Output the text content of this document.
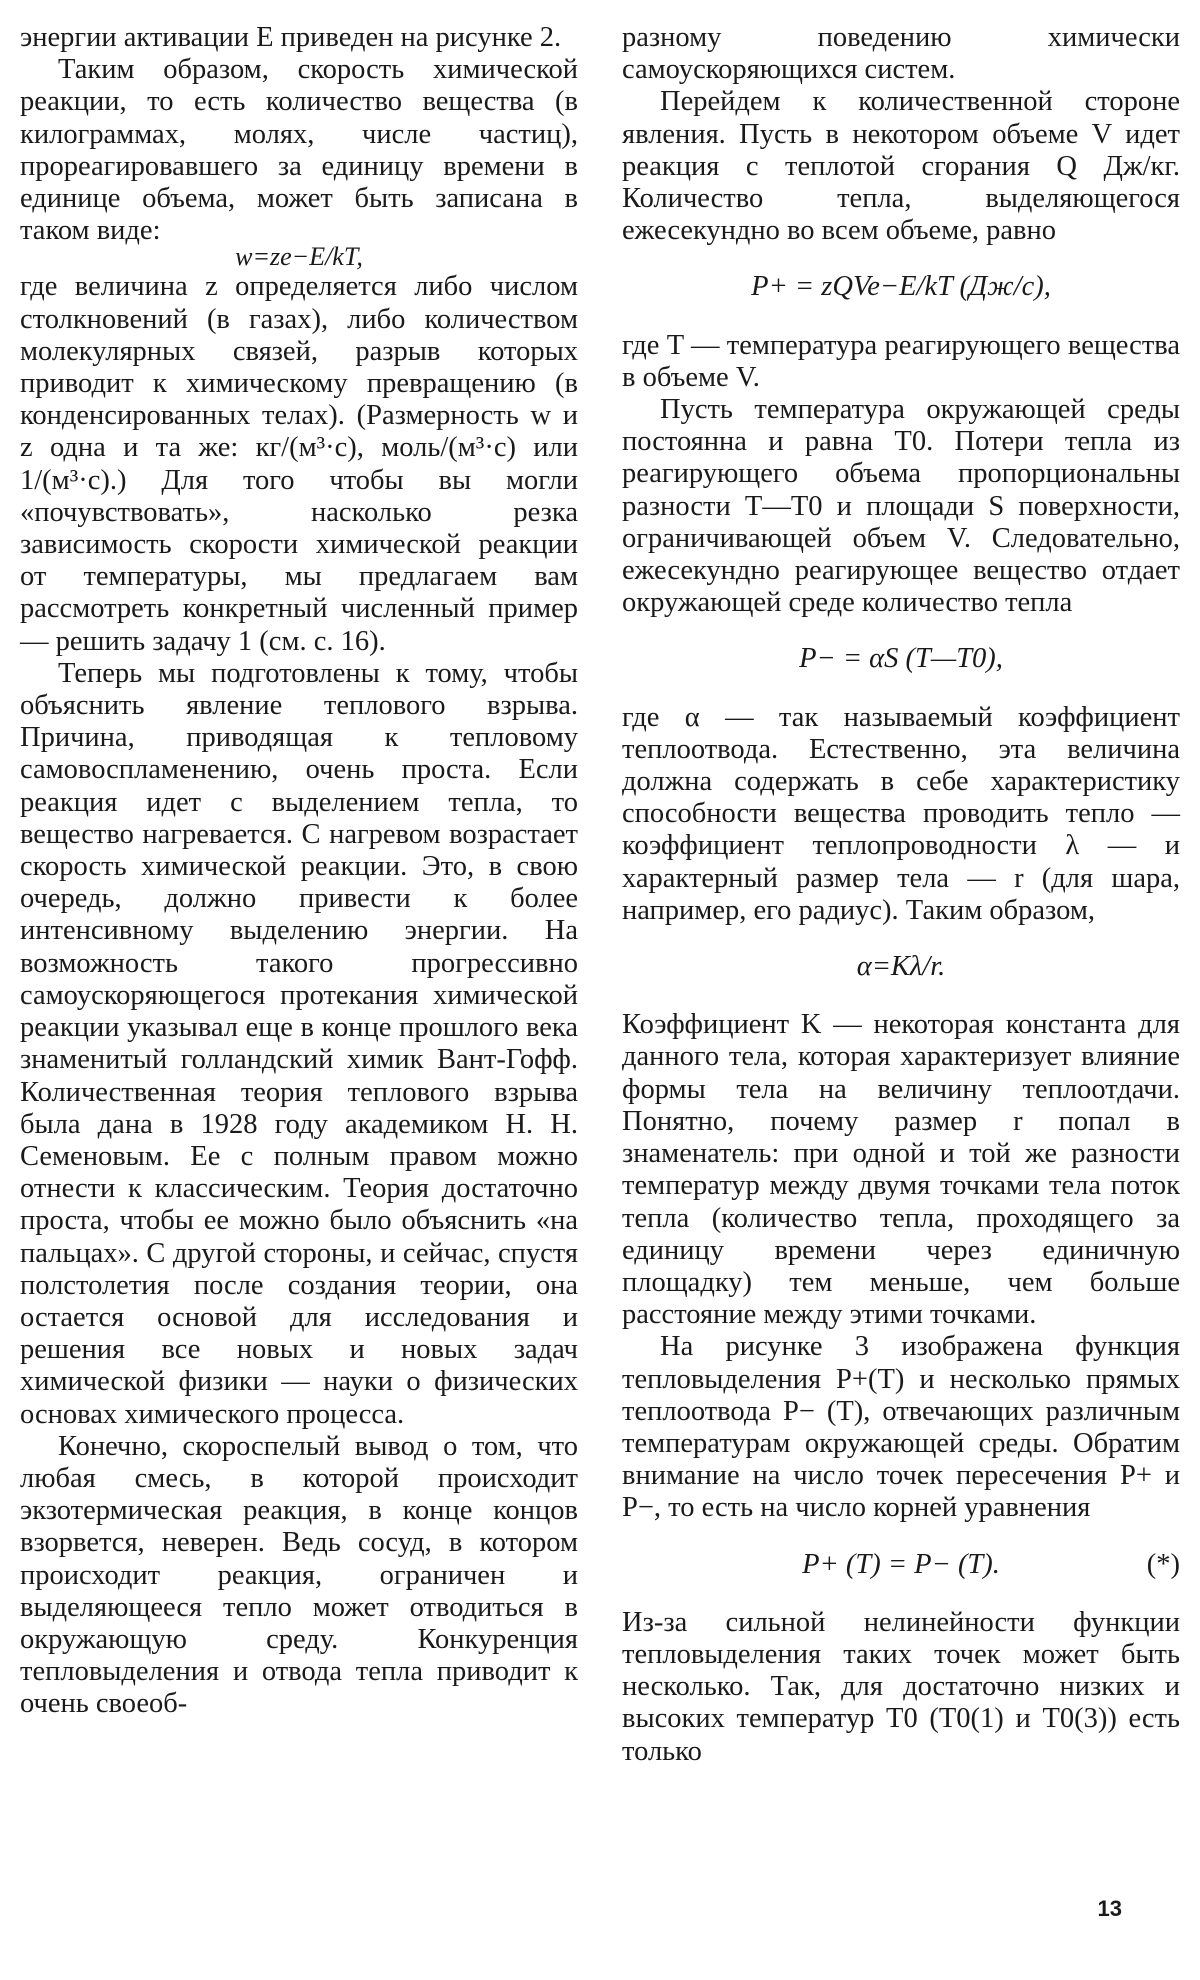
энергии активации E приведен на рисунке 2.

Таким образом, скорость химической реакции, то есть количество вещества (в килограммах, молях, числе частиц), прореагировавшего за единицу времени в единице объема, может быть записана в таком виде:

w=ze−E/kT,

где величина z определяется либо числом столкновений (в газах), либо количеством молекулярных связей, разрыв которых приводит к химическому превращению (в конденсированных телах). (Размерность w и z одна и та же: кг/(м³·с), моль/(м³·с) или 1/(м³·с).) Для того чтобы вы могли «почувствовать», насколько резка зависимость скорости химической реакции от температуры, мы предлагаем вам рассмотреть конкретный численный пример — решить задачу 1 (см. с. 16).

Теперь мы подготовлены к тому, чтобы объяснить явление теплового взрыва. Причина, приводящая к тепловому самовоспламенению, очень проста. Если реакция идет с выделением тепла, то вещество нагревается. С нагревом возрастает скорость химической реакции. Это, в свою очередь, должно привести к более интенсивному выделению энергии. На возможность такого прогрессивно самоускоряющегося протекания химической реакции указывал еще в конце прошлого века знаменитый голландский химик Вант-Гофф. Количественная теория теплового взрыва была дана в 1928 году академиком Н. Н. Семеновым. Ее с полным правом можно отнести к классическим. Теория достаточно проста, чтобы ее можно было объяснить «на пальцах». С другой стороны, и сейчас, спустя полстолетия после создания теории, она остается основой для исследования и решения все новых и новых задач химической физики — науки о физических основах химического процесса.

Конечно, скороспелый вывод о том, что любая смесь, в которой происходит экзотермическая реакция, в конце концов взорвется, неверен. Ведь сосуд, в котором происходит реакция, ограничен и выделяющееся тепло может отводиться в окружающую среду. Конкуренция тепловыделения и отвода тепла приводит к очень своеоб-

разному поведению химически самоускоряющихся систем.

Перейдем к количественной стороне явления. Пусть в некотором объеме V идет реакция с теплотой сгорания Q Дж/кг. Количество тепла, выделяющегося ежесекундно во всем объеме, равно

P+ = zQVe−E/kT (Дж/с),

где T — температура реагирующего вещества в объеме V.

Пусть температура окружающей среды постоянна и равна T0. Потери тепла из реагирующего объема пропорциональны разности T—T0 и площади S поверхности, ограничивающей объем V. Следовательно, ежесекундно реагирующее вещество отдает окружающей среде количество тепла

P− = αS (T—T0),

где α — так называемый коэффициент теплоотвода. Естественно, эта величина должна содержать в себе характеристику способности вещества проводить тепло — коэффициент теплопроводности λ — и характерный размер тела — r (для шара, например, его радиус). Таким образом,

α=Kλ/r.

Коэффициент K — некоторая константа для данного тела, которая характеризует влияние формы тела на величину теплоотдачи. Понятно, почему размер r попал в знаменатель: при одной и той же разности температур между двумя точками тела поток тепла (количество тепла, проходящего за единицу времени через единичную площадку) тем меньше, чем больше расстояние между этими точками.

На рисунке 3 изображена функция тепловыделения P+(T) и несколько прямых теплоотвода P− (T), отвечающих различным температурам окружающей среды. Обратим внимание на число точек пересечения P+ и P−, то есть на число корней уравнения

P+ (T) = P− (T).	(*)

Из-за сильной нелинейности функции тепловыделения таких точек может быть несколько. Так, для достаточно низких и высоких температур T0 (T0(1) и T0(3)) есть только

13
